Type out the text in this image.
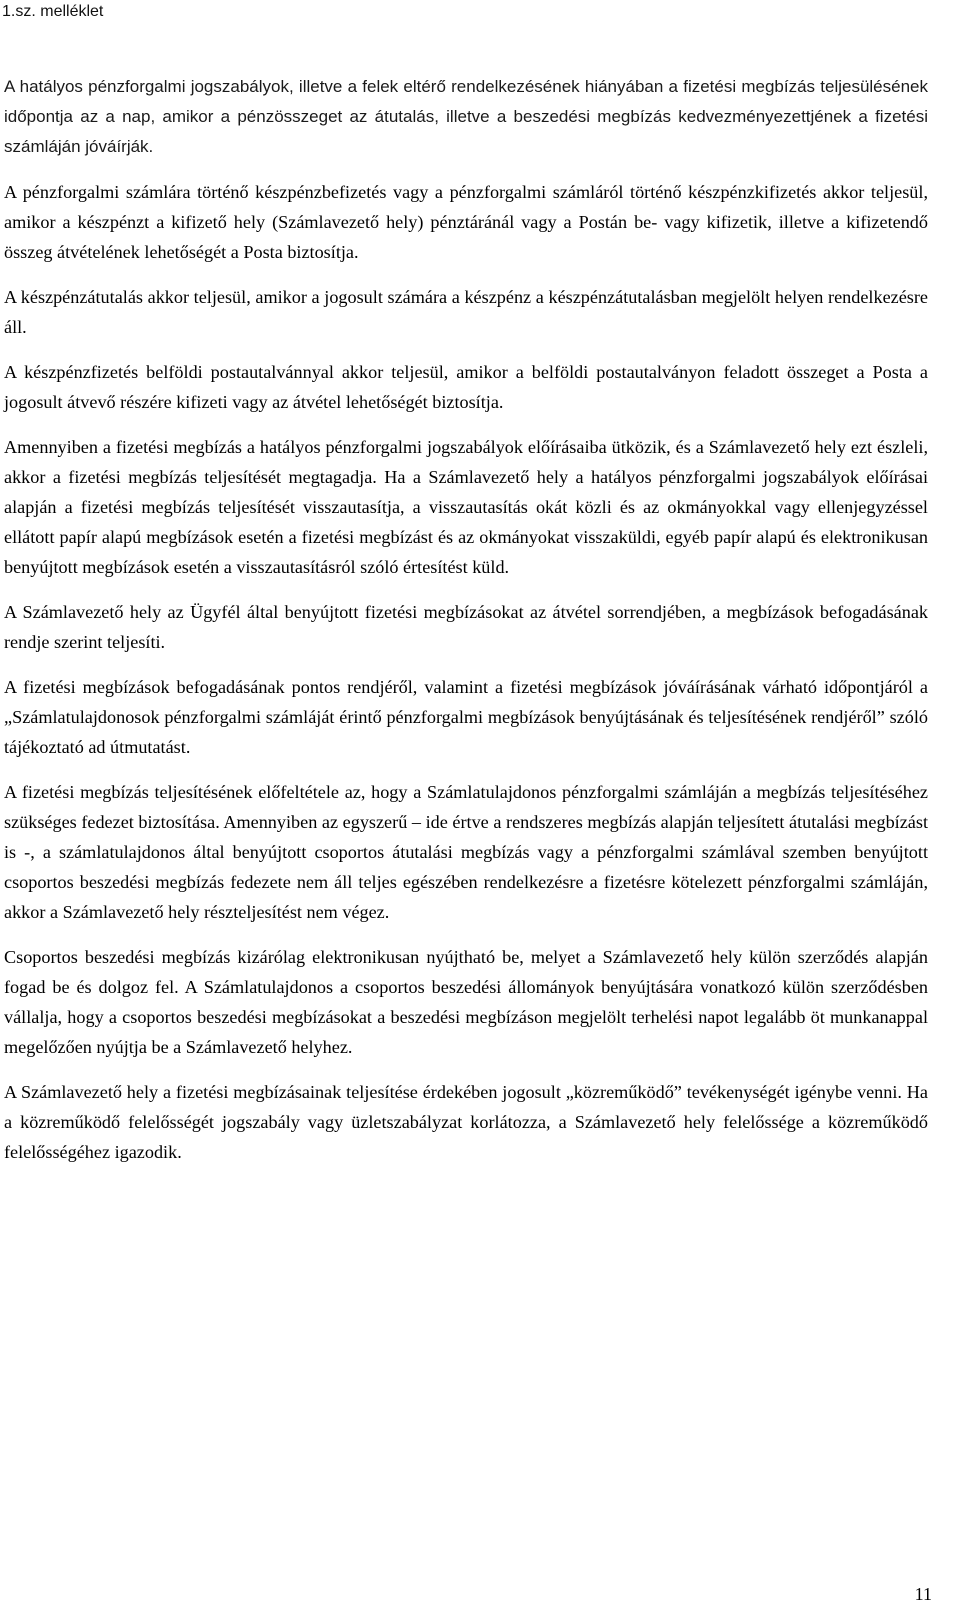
1.sz. melléklet

A hatályos pénzforgalmi jogszabályok, illetve a felek eltérő rendelkezésének hiányában a fizetési megbízás teljesülésének időpontja az a nap, amikor a pénzösszeget az átutalás, illetve a beszedési megbízás kedvezményezettjének a fizetési számláján jóváírják.

A pénzforgalmi számlára történő készpénzbefizetés vagy a pénzforgalmi számláról történő készpénzkifizetés akkor teljesül, amikor a készpénzt a kifizető hely (Számlavezető hely) pénztáránál vagy a Postán be- vagy kifizetik, illetve a kifizetendő összeg átvételének lehetőségét a Posta biztosítja.

A készpénzátutalás akkor teljesül, amikor a jogosult számára a készpénz a készpénzátutalásban megjelölt helyen rendelkezésre áll.

A készpénzfizetés belföldi postautalvánnyal akkor teljesül, amikor a belföldi postautalványon feladott összeget a Posta a jogosult átvevő részére kifizeti vagy az átvétel lehetőségét biztosítja.

Amennyiben a fizetési megbízás a hatályos pénzforgalmi jogszabályok előírásaiba ütközik, és a Számlavezető hely ezt észleli, akkor a fizetési megbízás teljesítését megtagadja. Ha a Számlavezető hely a hatályos pénzforgalmi jogszabályok előírásai alapján a fizetési megbízás teljesítését visszautasítja, a visszautasítás okát közli és az okmányokkal vagy ellenjegyzéssel ellátott papír alapú megbízások esetén a fizetési megbízást és az okmányokat visszaküldi, egyéb papír alapú és elektronikusan benyújtott megbízások esetén a visszautasításról szóló értesítést küld.

A Számlavezető hely az Ügyfél által benyújtott fizetési megbízásokat az átvétel sorrendjében, a megbízások befogadásának rendje szerint teljesíti.

A fizetési megbízások befogadásának pontos rendjéről, valamint a fizetési megbízások jóváírásának várható időpontjáról a „Számlatulajdonosok pénzforgalmi számláját érintő pénzforgalmi megbízások benyújtásának és teljesítésének rendjéről” szóló tájékoztató ad útmutatást.

A fizetési megbízás teljesítésének előfeltétele az, hogy a Számlatulajdonos pénzforgalmi számláján a megbízás teljesítéséhez szükséges fedezet biztosítása. Amennyiben az egyszerű – ide értve a rendszeres megbízás alapján teljesített átutalási megbízást is -, a számlatulajdonos által benyújtott csoportos átutalási megbízás vagy a pénzforgalmi számlával szemben benyújtott csoportos beszedési megbízás fedezete nem áll teljes egészében rendelkezésre a fizetésre kötelezett pénzforgalmi számláján, akkor a Számlavezető hely részteljesítést nem végez.

Csoportos beszedési megbízás kizárólag elektronikusan nyújtható be, melyet a Számlavezető hely külön szerződés alapján fogad be és dolgoz fel. A Számlatulajdonos a csoportos beszedési állományok benyújtására vonatkozó külön szerződésben vállalja, hogy a csoportos beszedési megbízásokat a beszedési megbízáson megjelölt terhelési napot legalább öt munkanappal megelőzően nyújtja be a Számlavezető helyhez.

A Számlavezető hely a fizetési megbízásainak teljesítése érdekében jogosult „közreműködő” tevékenységét igénybe venni. Ha a közreműködő felelősségét jogszabály vagy üzletszabályzat korlátozza, a Számlavezető hely felelőssége a közreműködő felelősségéhez igazodik.

11
